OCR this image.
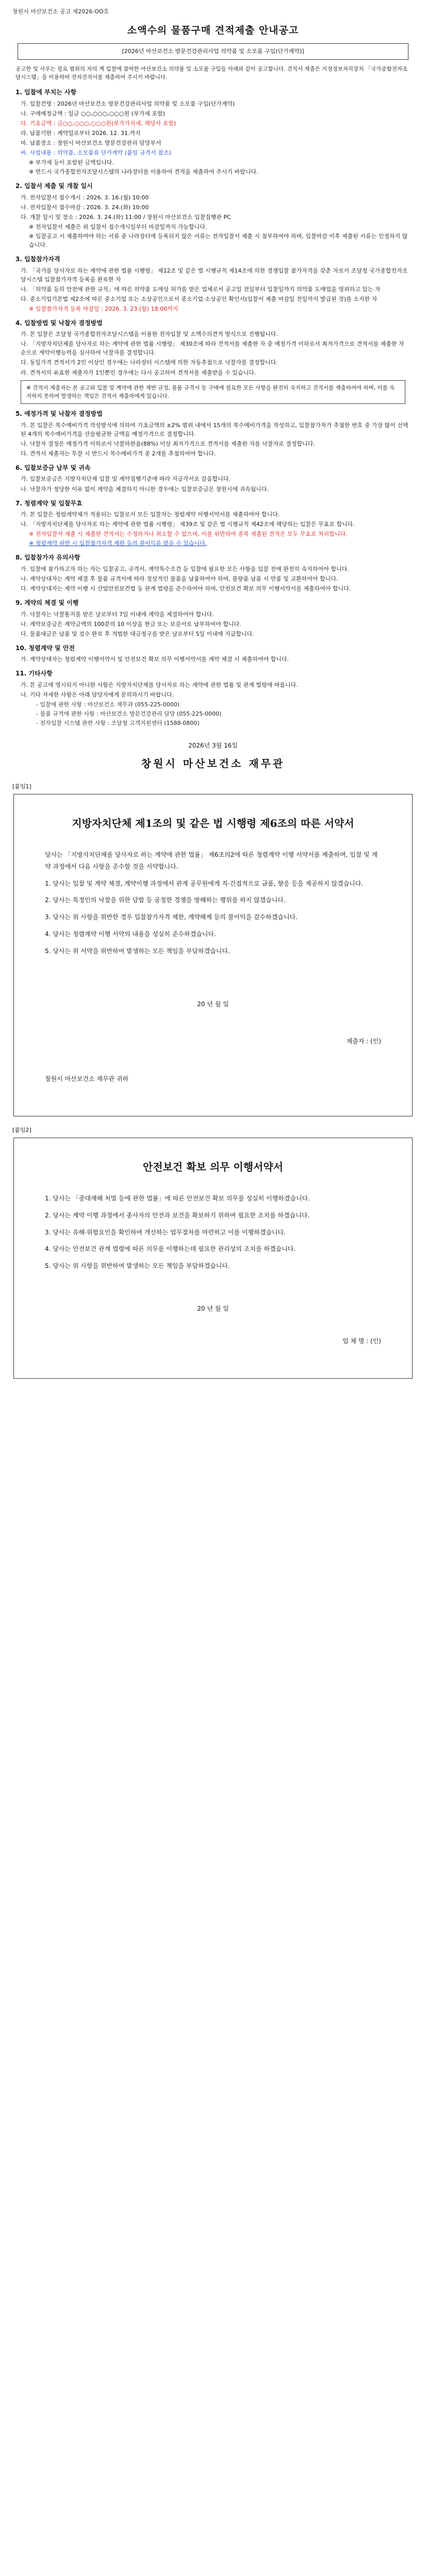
창원시 마산보건소 공고 제2026-OO호
소액수의 물품구매 견적제출 안내공고
[2026년 마산보건소 방문건강관리사업 의약품 및 소모품 구입(단가계약)]
공고한 및 사무는 필요 범위의 자의 계 입찰에 참여한 마산보건소 의약품 및 소모품 구입을 아래와 같이 공고합니다. 견적서 제출은 지정정보처리장치 「국가종합전자조달시스템」을 이용하여 전자견적서를 제출하여 주시기 바랍니다.
1. 입찰에 부치는 사항
가. 입찰건명 : 2026년 마산보건소 방문건강관리사업 의약품 및 소모품 구입(단가계약)
나. 구매예정금액 : 일금 ○○,○○○,○○○원 (부가세 포함)
다. 기초금액 : 금○○,○○○,○○○원(부가가치세, 해당사 포함)
라. 납품기한 : 계약일로부터 2026. 12. 31.까지
마. 납품장소 : 창원시 마산보건소 방문건강관리 담당부서
바. 사업내용 : 의약품, 소모품류 단가계약 (붙임 규격서 참조)
※ 부가세 등이 포함된 금액입니다.
※ 반드시 국가종합전자조달시스템의 나라장터를 이용하여 견적을 제출하여 주시기 바랍니다.
2. 입찰서 제출 및 개찰 일시
가. 전자입찰서 접수개시 : 2026. 3. 16.(월) 10:00
나. 전자입찰서 접수마감 : 2026. 3. 24.(화) 10:00
다. 개찰 일시 및 장소 : 2026. 3. 24.(화) 11:00 / 창원시 마산보건소 입찰집행관 PC
※ 전자입찰서 제출은 위 입찰서 접수개시일부터 마감일까지 가능합니다.
※ 입찰공고 시 제출하여야 하는 서류 중 나라장터에 등록되지 않은 서류는 전자입찰서 제출 시 첨부하여야 하며, 입찰마감 이후 제출된 서류는 인정하지 않습니다.
3. 입찰참가자격
가. 「국가를 당사자로 하는 계약에 관한 법률 시행령」 제12조 및 같은 법 시행규칙 제14조에 의한 경쟁입찰 참가자격을 갖춘 자로서 조달청 국가종합전자조달시스템 입찰참가자격 등록을 완료한 자
나. 「의약품 등의 안전에 관한 규칙」에 따른 의약품 도매상 허가를 받은 업체로서 공고일 전일부터 입찰일까지 의약품 도매업을 영위하고 있는 자
다. 중소기업기본법 제2조에 따른 중소기업 또는 소상공인으로서 중소기업·소상공인 확인서(입찰서 제출 마감일 전일까지 발급된 것)를 소지한 자
※ 입찰참가자격 등록 마감일 : 2026. 3. 23.(월) 18:00까지
4. 입찰방법 및 낙찰자 결정방법
가. 본 입찰은 조달청 국가종합전자조달시스템을 이용한 전자입찰 및 소액수의견적 방식으로 진행됩니다.
나. 「지방자치단체를 당사자로 하는 계약에 관한 법률 시행령」 제30조에 따라 견적서를 제출한 자 중 예정가격 이하로서 최저가격으로 견적서를 제출한 자 순으로 계약이행능력을 심사하여 낙찰자를 결정합니다.
다. 동일가격 견적서가 2인 이상인 경우에는 나라장터 시스템에 의한 자동추첨으로 낙찰자를 결정합니다.
라. 견적서의 유효한 제출자가 1인뿐인 경우에는 다시 공고하여 견적서를 제출받을 수 있습니다.
※ 견적서 제출자는 본 공고와 입찰 및 계약에 관한 제반 규정, 물품 규격서 등 구매에 필요한 모든 사항을 완전히 숙지하고 견적서를 제출하여야 하며, 이를 숙지하지 못하여 발생하는 책임은 견적서 제출자에게 있습니다.
5. 예정가격 및 낙찰자 결정방법
가. 본 입찰은 복수예비가격 작성방식에 의하여 기초금액의 ±2% 범위 내에서 15개의 복수예비가격을 작성하고, 입찰참가자가 추첨한 번호 중 가장 많이 선택된 4개의 복수예비가격을 산술평균한 금액을 예정가격으로 결정합니다.
나. 낙찰자 결정은 예정가격 이하로서 낙찰하한율(88%) 이상 최저가격으로 견적서를 제출한 자를 낙찰자로 결정합니다.
다. 견적서 제출자는 투찰 시 반드시 복수예비가격 중 2개를 추첨하여야 합니다.
6. 입찰보증금 납부 및 귀속
가. 입찰보증금은 지방자치단체 입찰 및 계약집행기준에 따라 지급각서로 갈음합니다.
나. 낙찰자가 정당한 이유 없이 계약을 체결하지 아니한 경우에는 입찰보증금은 창원시에 귀속됩니다.
7. 청렴계약 및 입찰무효
가. 본 입찰은 청렴계약제가 적용되는 입찰로서 모든 입찰자는 청렴계약 이행서약서를 제출하여야 합니다.
나. 「지방자치단체를 당사자로 하는 계약에 관한 법률 시행령」 제39조 및 같은 법 시행규칙 제42조에 해당하는 입찰은 무효로 합니다.
※ 전자입찰서 제출 시 제출한 견적서는 수정하거나 취소할 수 없으며, 이를 위반하여 중복 제출된 견적은 모두 무효로 처리합니다.
※ 청렴계약 위반 시 입찰참가자격 제한 등의 불이익을 받을 수 있습니다.
8. 입찰참가자 유의사항
가. 입찰에 참가하고자 하는 자는 입찰공고, 규격서, 계약특수조건 등 입찰에 필요한 모든 사항을 입찰 전에 완전히 숙지하여야 합니다.
나. 계약상대자는 계약 체결 후 물품 규격서에 따라 정상적인 물품을 납품하여야 하며, 불량품 납품 시 반품 및 교환하여야 합니다.
다. 계약상대자는 계약 이행 시 산업안전보건법 등 관계 법령을 준수하여야 하며, 안전보건 확보 의무 이행서약서를 제출하여야 합니다.
9. 계약의 체결 및 이행
가. 낙찰자는 낙찰통지를 받은 날로부터 7일 이내에 계약을 체결하여야 합니다.
나. 계약보증금은 계약금액의 100분의 10 이상을 현금 또는 보증서로 납부하여야 합니다.
다. 물품대금은 납품 및 검수 완료 후 적법한 대금청구를 받은 날로부터 5일 이내에 지급합니다.
10. 청렴계약 및 안전
가. 계약상대자는 청렴계약 이행서약서 및 안전보건 확보 의무 이행서약서를 계약 체결 시 제출하여야 합니다.
11. 기타사항
가. 본 공고에 명시되지 아니한 사항은 지방자치단체를 당사자로 하는 계약에 관한 법률 및 관계 법령에 따릅니다.
나. 기타 자세한 사항은 아래 담당자에게 문의하시기 바랍니다.
- 입찰에 관한 사항 : 마산보건소 재무과 (055-225-0000)
- 물품 규격에 관한 사항 : 마산보건소 방문건강관리 담당 (055-225-0000)
- 전자입찰 시스템 관련 사항 : 조달청 고객지원센터 (1588-0800)
2026년 3월 16일
창원시 마산보건소 재무관
[붙임1]
지방자치단체 제1조의 및 같은 법 시행령 제6조의 따른 서약서

당사는 「지방자치단체를 당사자로 하는 계약에 관한 법률」 제6조의2에 따른 청렴계약 이행 서약서를 제출하며, 입찰 및 계약 과정에서 다음 사항을 준수할 것을 서약합니다.

1. 당사는 입찰 및 계약 체결, 계약이행 과정에서 관계 공무원에게 직·간접적으로 금품, 향응 등을 제공하지 않겠습니다.

2. 당사는 특정인의 낙찰을 위한 담합 등 공정한 경쟁을 방해하는 행위를 하지 않겠습니다.

3. 당사는 위 사항을 위반한 경우 입찰참가자격 제한, 계약해제 등의 불이익을 감수하겠습니다.

4. 당사는 청렴계약 이행 서약의 내용을 성실히 준수하겠습니다.

5. 당사는 위 서약을 위반하여 발생하는 모든 책임을 부담하겠습니다.

20 년 월 일

제출자 : (인)

창원시 마산보건소 재무관 귀하

[붙임2]
안전보건 확보 의무 이행서약서

1. 당사는 「중대재해 처벌 등에 관한 법률」에 따른 안전보건 확보 의무를 성실히 이행하겠습니다.

2. 당사는 계약 이행 과정에서 종사자의 안전과 보건을 확보하기 위하여 필요한 조치를 하겠습니다.

3. 당사는 유해·위험요인을 확인하여 개선하는 업무절차를 마련하고 이를 이행하겠습니다.

4. 당사는 안전보건 관계 법령에 따른 의무를 이행하는데 필요한 관리상의 조치를 하겠습니다.

5. 당사는 위 사항을 위반하여 발생하는 모든 책임을 부담하겠습니다.

20 년 월 일

업 체 명 : (인)
